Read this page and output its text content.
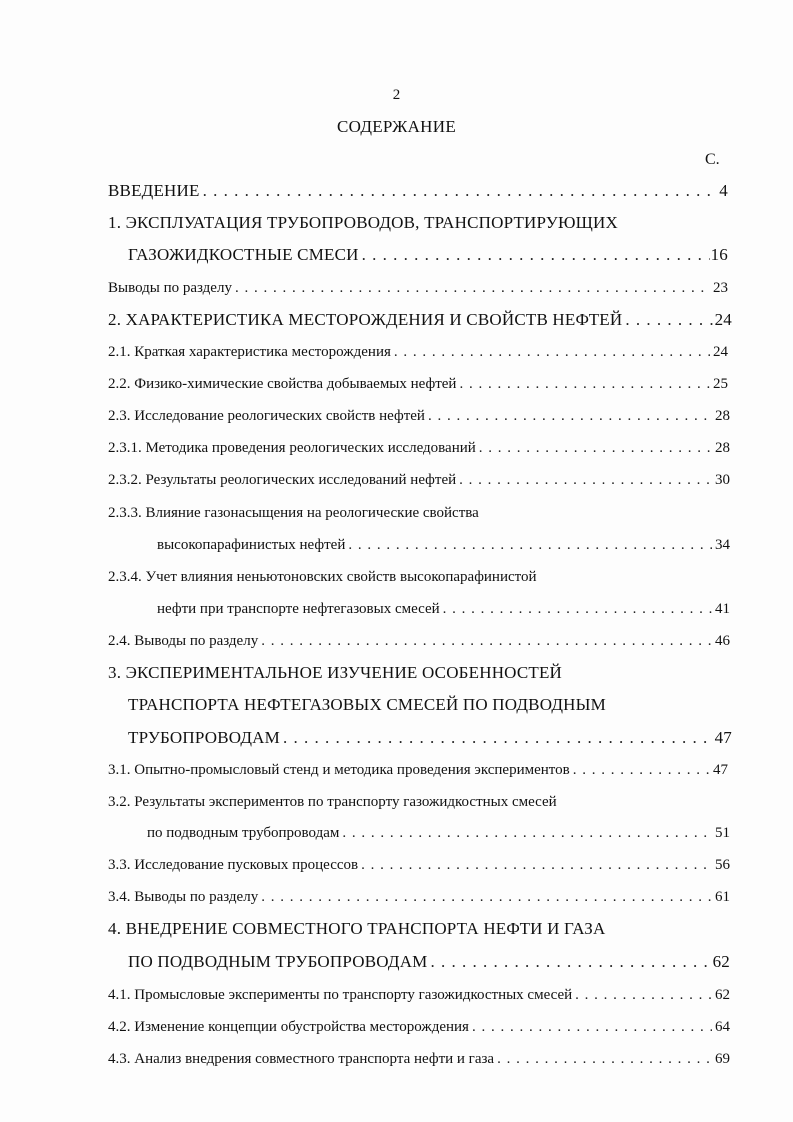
2
СОДЕРЖАНИЕ
С.
ВВЕДЕНИЕ . . .	4
1. ЭКСПЛУАТАЦИЯ ТРУБОПРОВОДОВ, ТРАНСПОРТИРУЮЩИХ
ГАЗОЖИДКОСТНЫЕ СМЕСИ . . .	16
Выводы по разделу . . .	23
2. ХАРАКТЕРИСТИКА МЕСТОРОЖДЕНИЯ И СВОЙСТВ НЕФТЕЙ . . .	24
2.1. Краткая характеристика месторождения . . .	24
2.2. Физико-химические свойства добываемых нефтей . . .	25
2.3. Исследование реологических свойств нефтей . . .	28
2.3.1. Методика проведения реологических исследований . . .	28
2.3.2. Результаты реологических исследований нефтей . . .	30
2.3.3. Влияние газонасыщения на реологические свойства
высокопарафинистых нефтей . . .	34
2.3.4. Учет влияния неньютоновских свойств высокопарафинистой
нефти при транспорте нефтегазовых смесей . . .	41
2.4. Выводы по разделу . . .	46
3. ЭКСПЕРИМЕНТАЛЬНОЕ ИЗУЧЕНИЕ ОСОБЕННОСТЕЙ
ТРАНСПОРТА НЕФТЕГАЗОВЫХ СМЕСЕЙ ПО ПОДВОДНЫМ
ТРУБОПРОВОДАМ . . .	47
3.1. Опытно-промысловый стенд и методика проведения экспериментов . . .	47
3.2. Результаты экспериментов по транспорту газожидкостных смесей
по подводным трубопроводам . . .	51
3.3. Исследование пусковых процессов . . .	56
3.4. Выводы по разделу . . .	61
4. ВНЕДРЕНИЕ СОВМЕСТНОГО ТРАНСПОРТА НЕФТИ И ГАЗА
ПО ПОДВОДНЫМ ТРУБОПРОВОДАМ . . .	62
4.1. Промысловые эксперименты по транспорту газожидкостных смесей . . .	62
4.2. Изменение концепции обустройства месторождения . . .	64
4.3. Анализ внедрения совместного транспорта нефти и газа . . .	69
